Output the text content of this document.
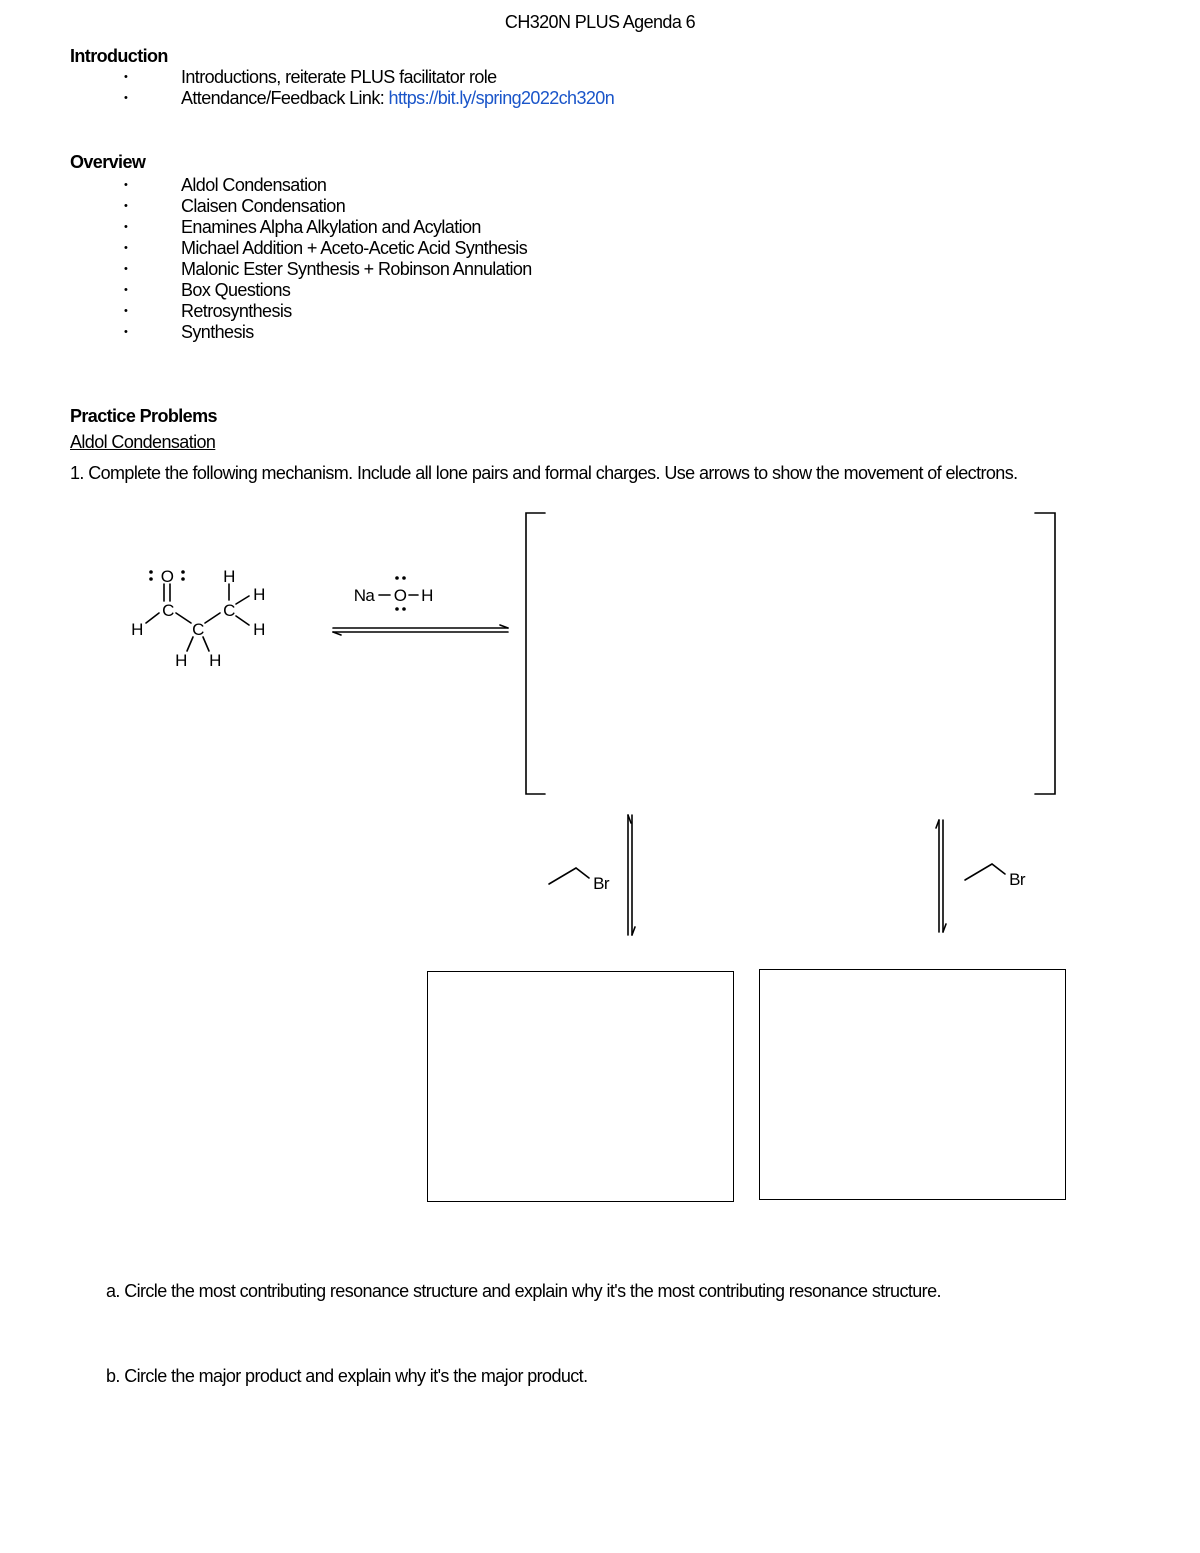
CH320N PLUS Agenda 6
Introduction
•	Introductions, reiterate PLUS facilitator role
•	Attendance/Feedback Link: https://bit.ly/spring2022ch320n
Overview
•	Aldol Condensation
•	Claisen Condensation
•	Enamines Alpha Alkylation and Acylation
•	Michael Addition + Aceto-Acetic Acid Synthesis
•	Malonic Ester Synthesis + Robinson Annulation
•	Box Questions
•	Retrosynthesis
•	Synthesis
Practice Problems
Aldol Condensation
1. Complete the following mechanism. Include all lone pairs and formal charges. Use arrows to show the movement of electrons.
O	H
H
C	C
H	C	H
H H
Na O H
Br	Br
a. Circle the most contributing resonance structure and explain why it's the most contributing resonance structure.
b. Circle the major product and explain why it's the major product.
